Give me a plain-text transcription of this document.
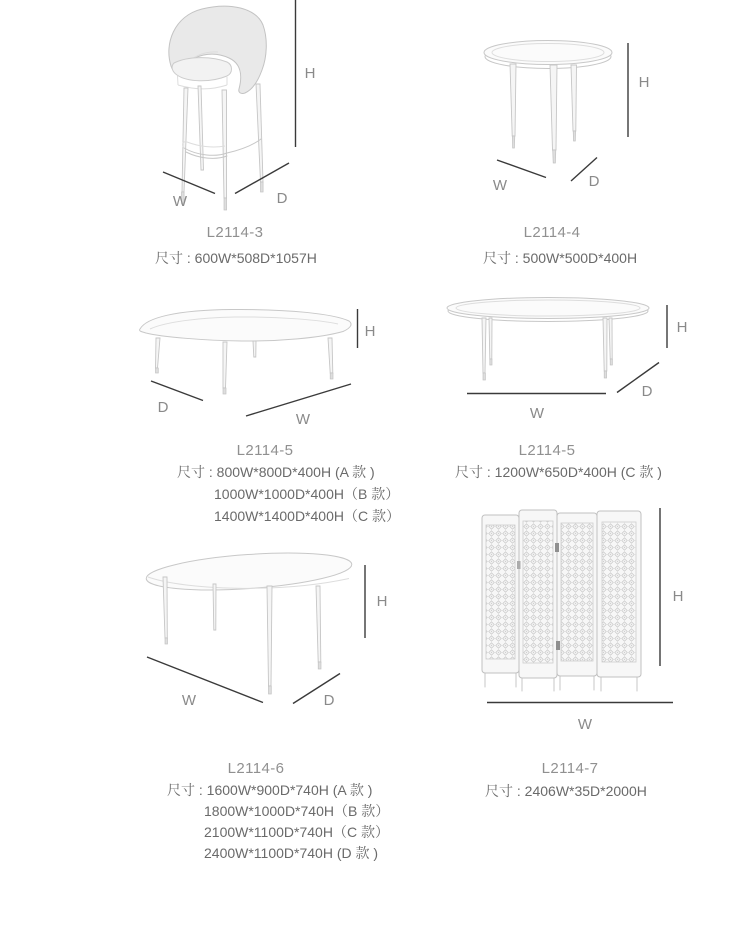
H
W	D
H
W	D
H
D
W
H
D
W
H
W	D
H
W
L2114-3	L2114-4
L2114-5	L2114-5
L2114-6	L2114-7
尺寸 : 600W*508D*1057H	尺寸 : 500W*500D*400H
尺寸 : 800W*800D*400H (A 款 )
1000W*1000D*400H（B 款）
1400W*1400D*400H（C 款）
尺寸 : 1200W*650D*400H (C 款 )
尺寸 : 1600W*900D*740H (A 款 )
1800W*1000D*740H（B 款）
2100W*1100D*740H（C 款）
2400W*1100D*740H (D 款 )
尺寸 : 2406W*35D*2000H
